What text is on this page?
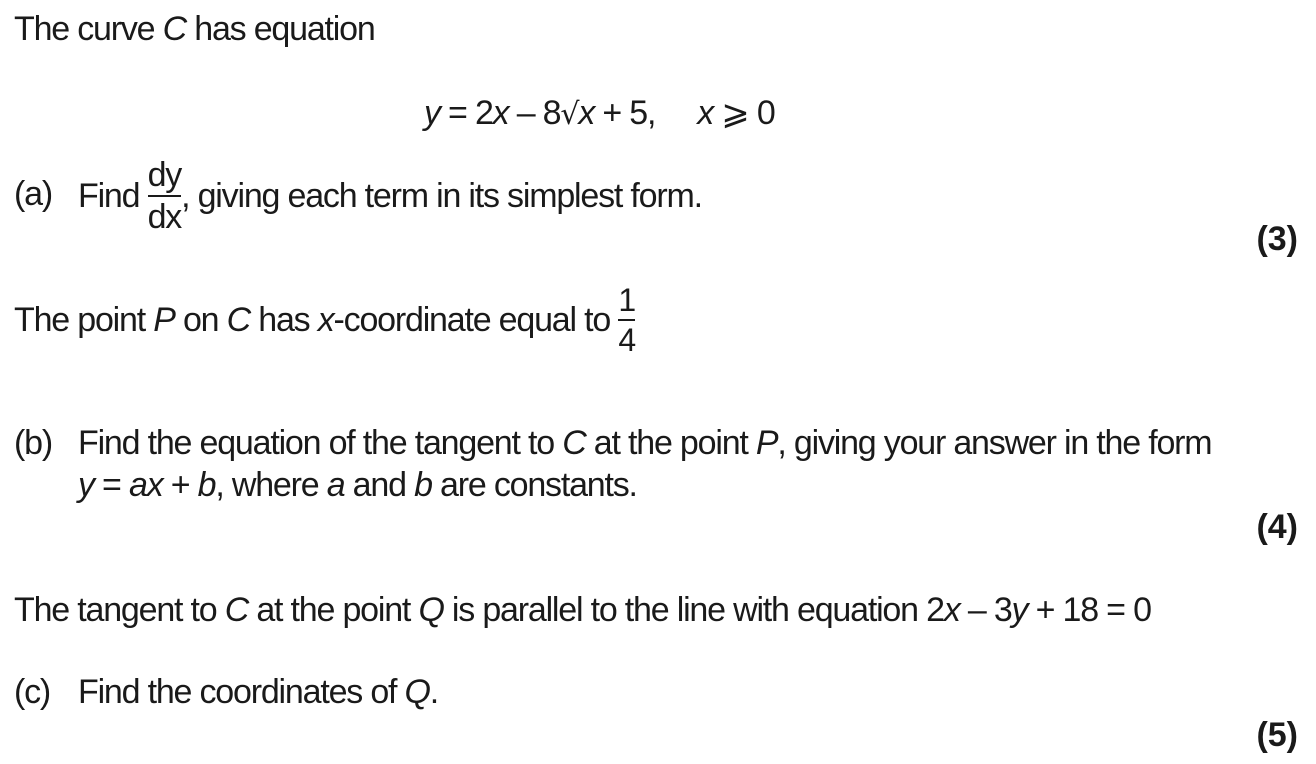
The curve C has equation
y = 2x – 8√x + 5, x ⩾ 0
(a) Find $\frac{dy}{dx}$ , giving each term in its simplest form.
(3)
The point P on C has x-coordinate equal to $\frac{1}{4}$
(b) Find the equation of the tangent to C at the point P, giving your answer in the form
y = ax + b, where a and b are constants.
(4)
The tangent to C at the point Q is parallel to the line with equation 2x – 3y + 18 = 0
(c) Find the coordinates of Q.
(5)
